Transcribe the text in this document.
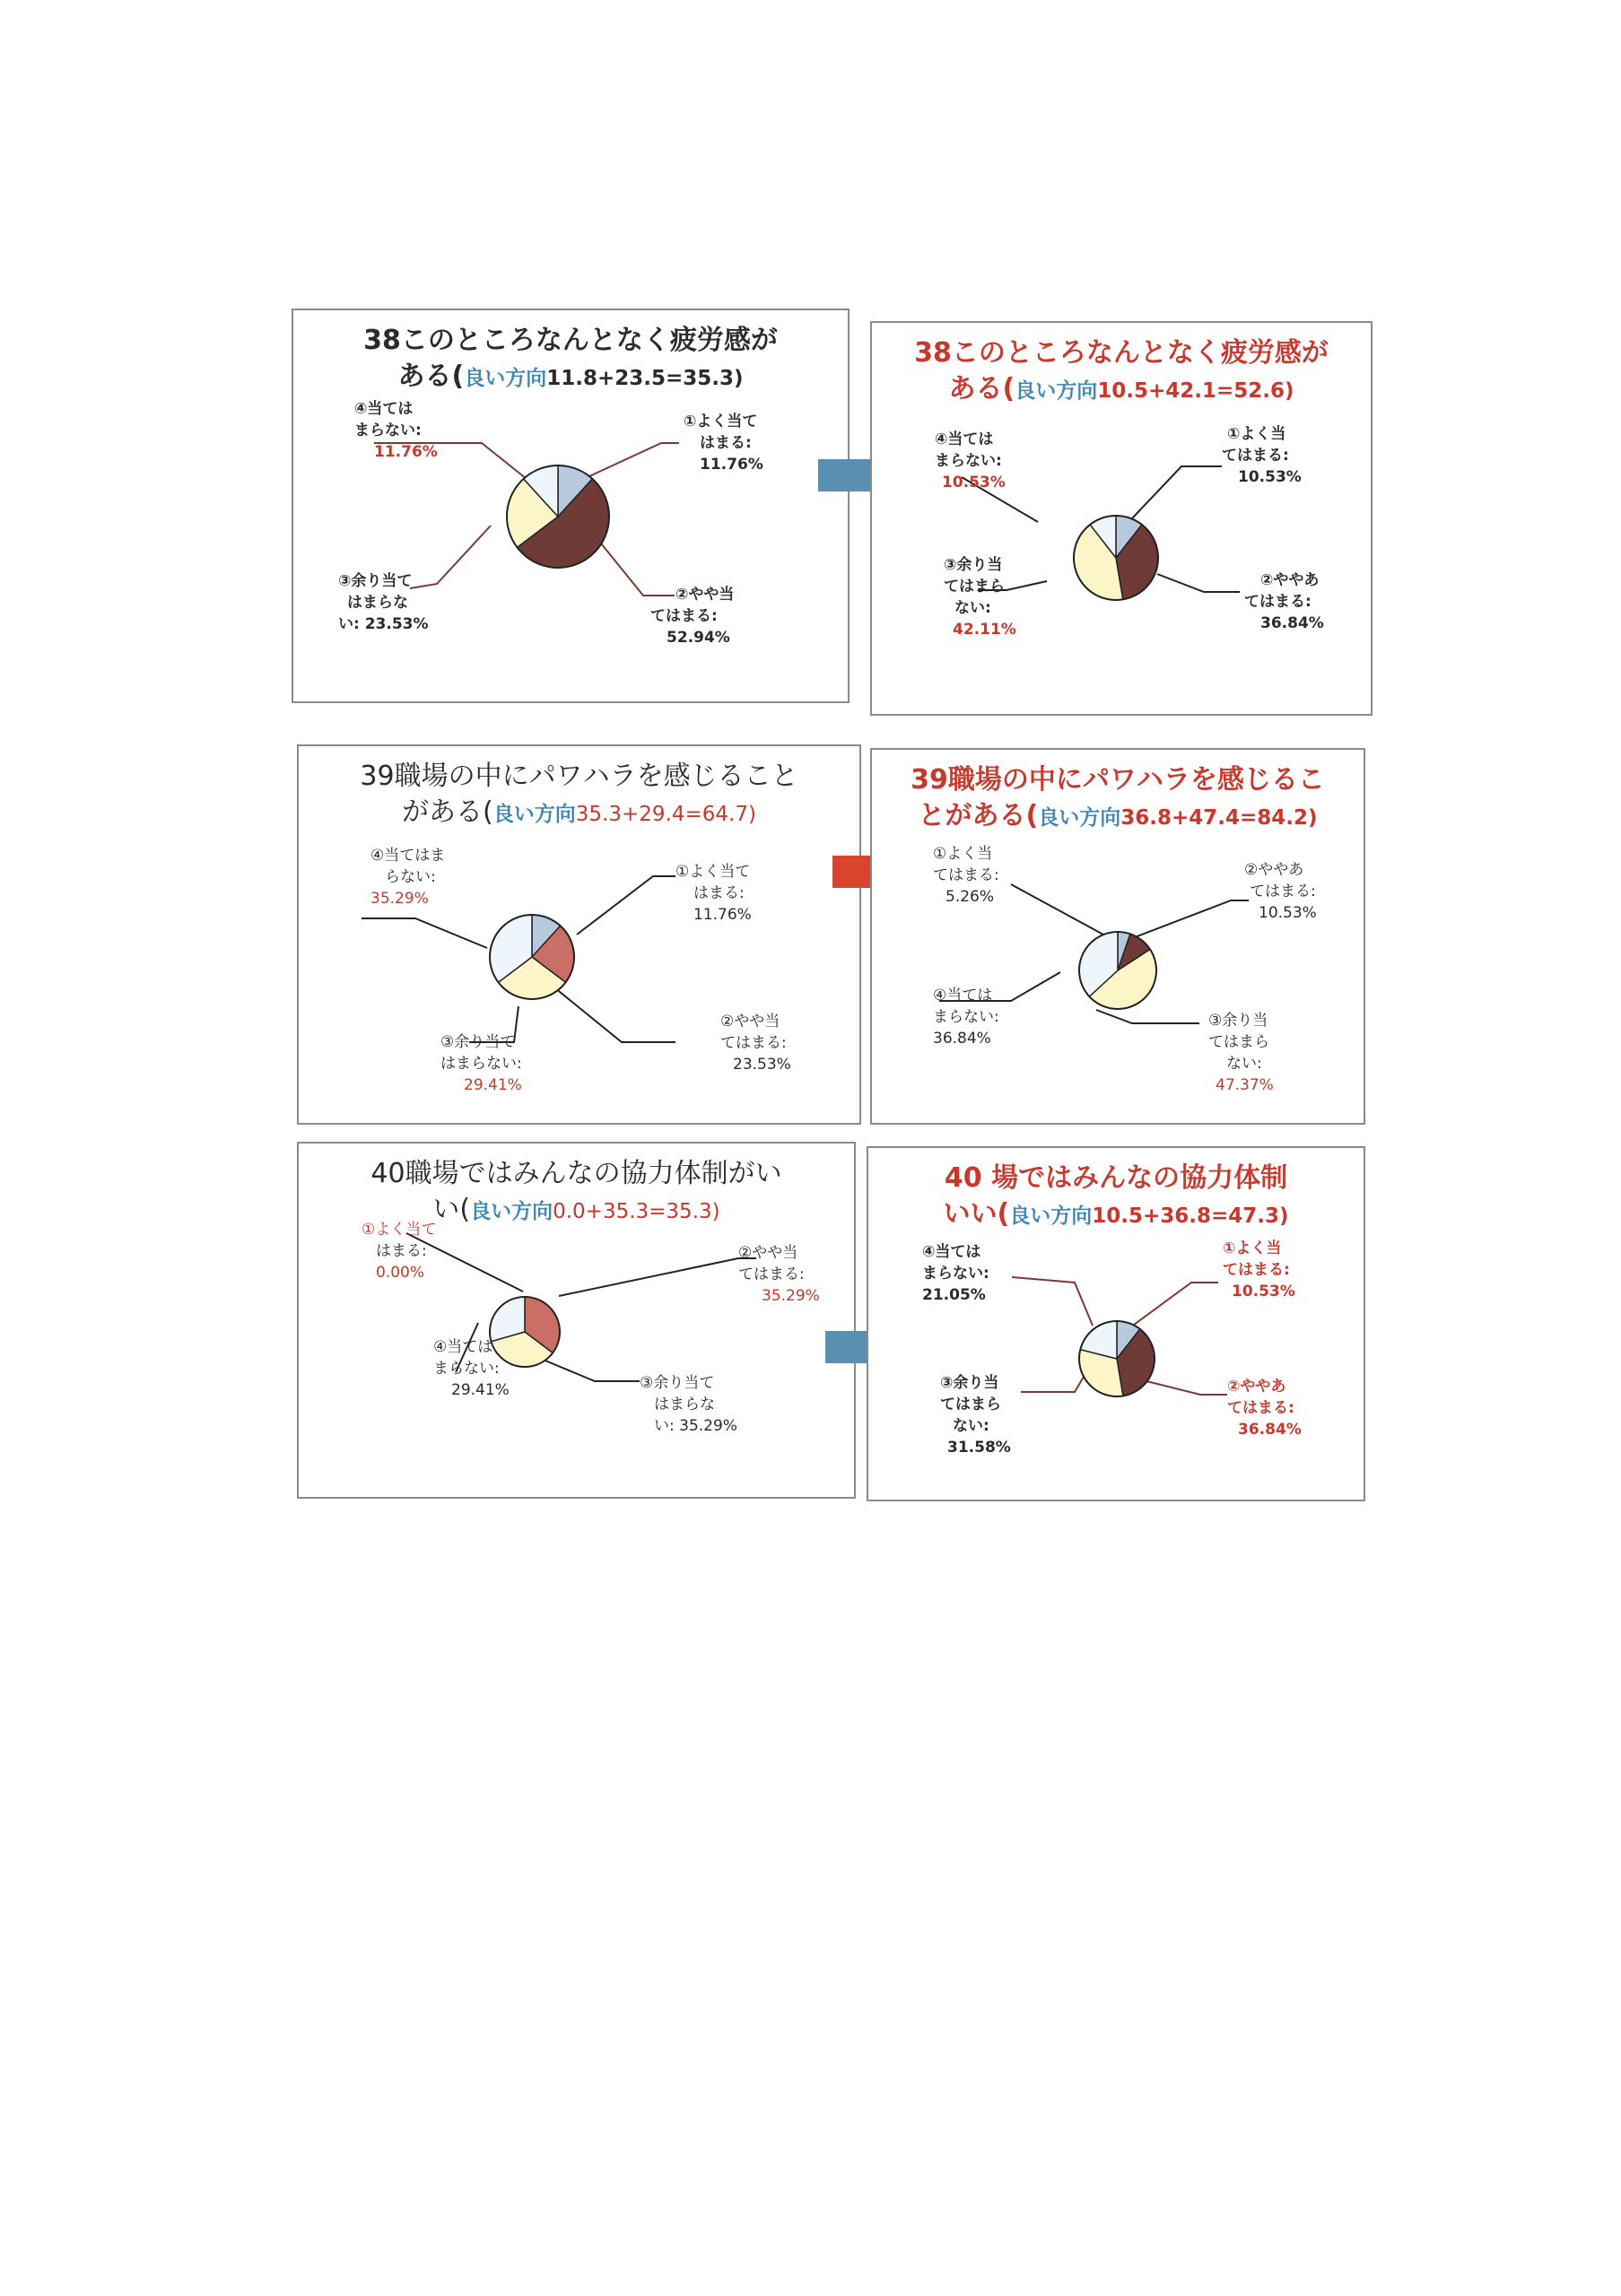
38このところなんとなく疲労感が
ある(良い方向11.8+23.5=35.3)
④当ては
まらない:
11.76%
①よく当て
はまる:
11.76%
③余り当て
はまらな
い: 23.53%
②やや当
てはまる:
52.94%
38このところなんとなく疲労感が
ある(良い方向10.5+42.1=52.6)
④当ては
まらない:
10.53%
①よく当
てはまる:
10.53%
③余り当
てはまら
ない:
42.11%
②ややあ
てはまる:
36.84%
39職場の中にパワハラを感じること
がある(良い方向35.3+29.4=64.7)
④当てはま
らない:
35.29%
①よく当て
はまる:
11.76%
③余り当て
はまらない:
29.41%
②やや当
てはまる:
23.53%
39職場の中にパワハラを感じるこ
とがある(良い方向36.8+47.4=84.2)
①よく当
てはまる:
5.26%
②ややあ
てはまる:
10.53%
④当ては
まらない:
36.84%
③余り当
てはまら
ない:
47.37%
40職場ではみんなの協力体制がい
い(良い方向0.0+35.3=35.3)
①よく当て
はまる:
0.00%
②やや当
てはまる:
35.29%
④当ては
まらない:
29.41%	③余り当て
はまらな
い: 35.29%
40 場ではみんなの協力体制
いい(良い方向10.5+36.8=47.3)
④当ては
まらない:
21.05%
①よく当
てはまる:
10.53%
③余り当
てはまら
ない:
31.58%
②ややあ
てはまる:
36.84%
